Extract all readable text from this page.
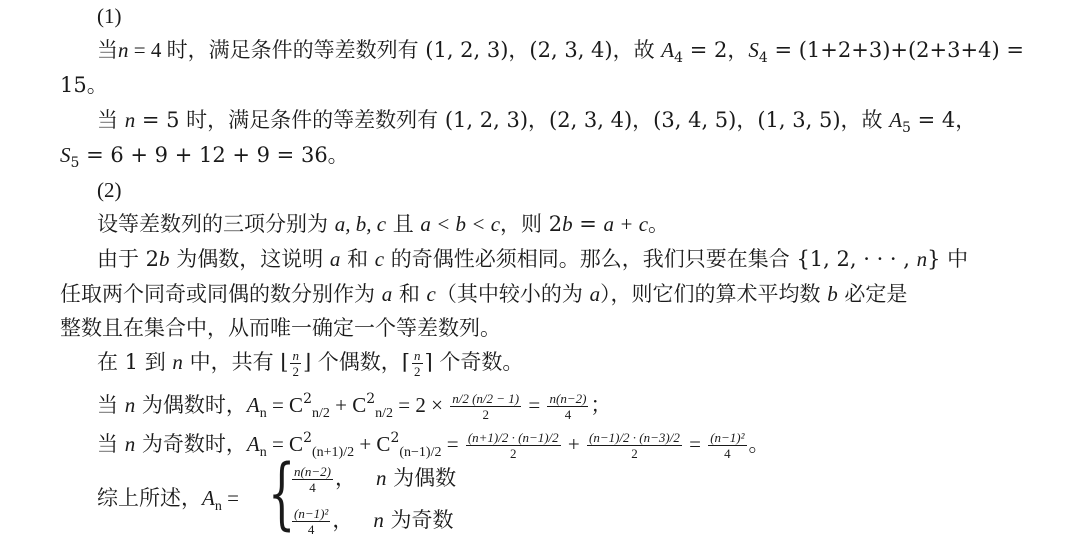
(1)
当n = 4 时，满足条件的等差数列有 (1, 2, 3)，(2, 3, 4)，故 $A_4 = 2$，$S_4 = (1+2+3)+(2+3+4)$ =
15。
当 n = 5 时，满足条件的等差数列有 (1, 2, 3)，(2, 3, 4)，(3, 4, 5)，(1, 3, 5)，故 $A_5 = 4$，
$S_5 = 6 + 9 + 12 + 9 = 36$。
(2)
设等差数列的三项分别为 a, b, c 且 a < b < c，则 2b = a + c。
由于 2b 为偶数，这说明 a 和 c 的奇偶性必须相同。那么，我们只要在集合 {1, 2, · · · , n} 中
任取两个同奇或同偶的数分别作为 a 和 c（其中较小的为 a），则它们的算术平均数 b 必定是
整数且在集合中，从而唯一确定一个等差数列。
在 1 到 n 中，共有 ⌊ $\frac{n}{2}$ ⌋ 个偶数，⌈ $\frac{n}{2}$ ⌉ 个奇数。
当 n 为偶数时，$A_n = C^2_{n/2} + C^2_{n/2} = 2 \times \frac{n/2 (n/2 - 1)}{2} = \frac{n(n-2)}{4}$ ；
当 n 为奇数时，$A_n = C^2_{(n+1)/2} + C^2_{(n-1)/2} = \frac{(n+1)/2 \cdot (n-1)/2}{2} + \frac{(n-1)/2 \cdot (n-3)/2}{2} = \frac{\text{(n−1)²}}{4}$ 。
综上所述，$A_n$ = {
$\frac{n(n-2)}{4}$ ，   n 为偶数
$\frac{\text{(n−1)²}}{4}$ ，   n 为奇数
